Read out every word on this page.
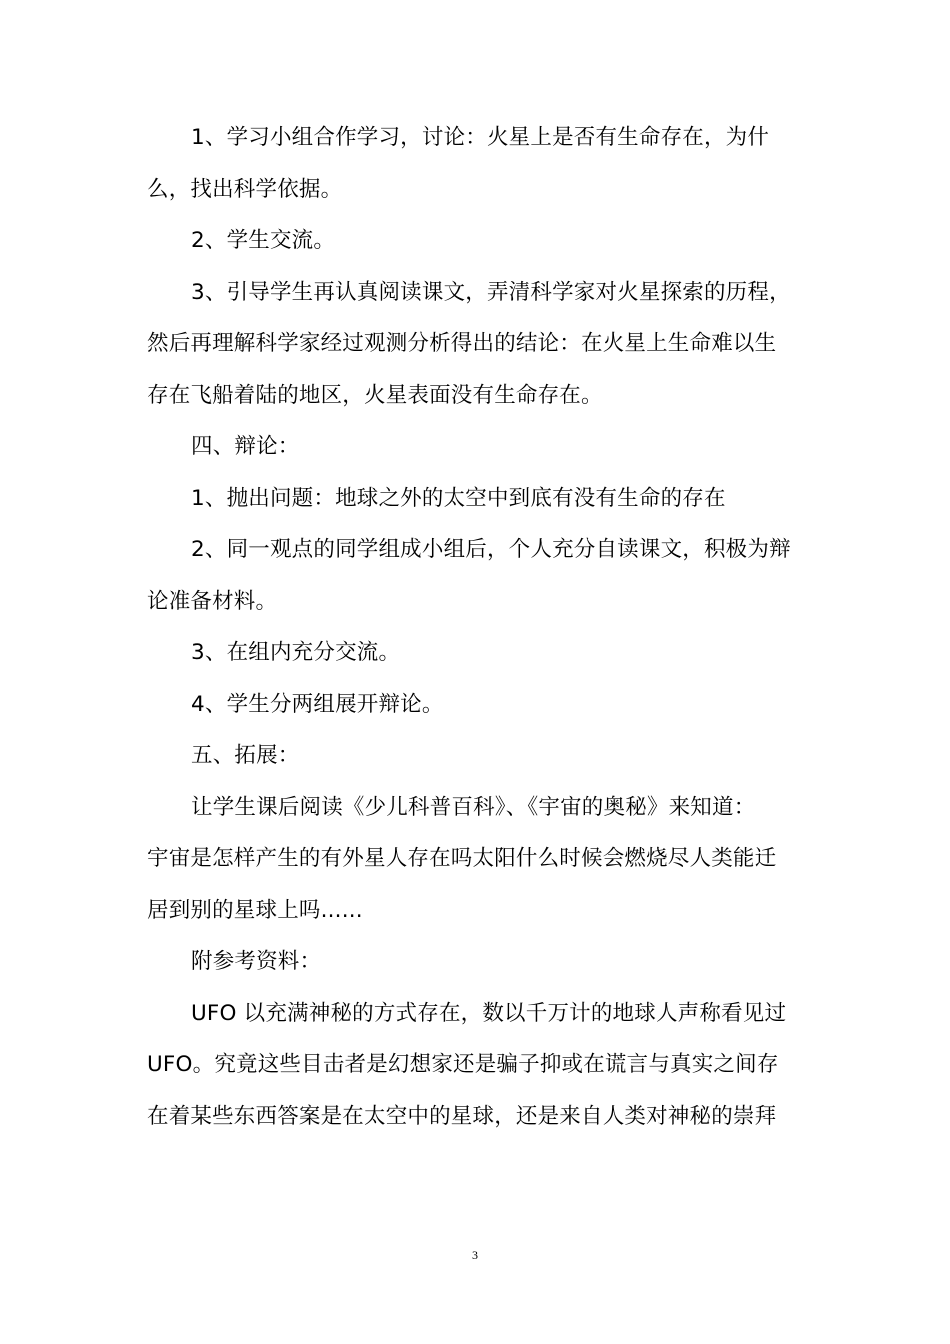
1、学习小组合作学习，讨论：火星上是否有生命存在，为什
么，找出科学依据。
2、学生交流。
3、引导学生再认真阅读课文，弄清科学家对火星探索的历程，
然后再理解科学家经过观测分析得出的结论：在火星上生命难以生
存在飞船着陆的地区，火星表面没有生命存在。
四、辩论：
1、抛出问题：地球之外的太空中到底有没有生命的存在
2、同一观点的同学组成小组后，个人充分自读课文，积极为辩
论准备材料。
3、在组内充分交流。
4、学生分两组展开辩论。
五、拓展：
让学生课后阅读《少儿科普百科》、《宇宙的奥秘》来知道：
宇宙是怎样产生的有外星人存在吗太阳什么时候会燃烧尽人类能迁
居到别的星球上吗......
附参考资料：
UFO 以充满神秘的方式存在，数以千万计的地球人声称看见过
UFO。究竟这些目击者是幻想家还是骗子抑或在谎言与真实之间存
在着某些东西答案是在太空中的星球，还是来自人类对神秘的崇拜
3
